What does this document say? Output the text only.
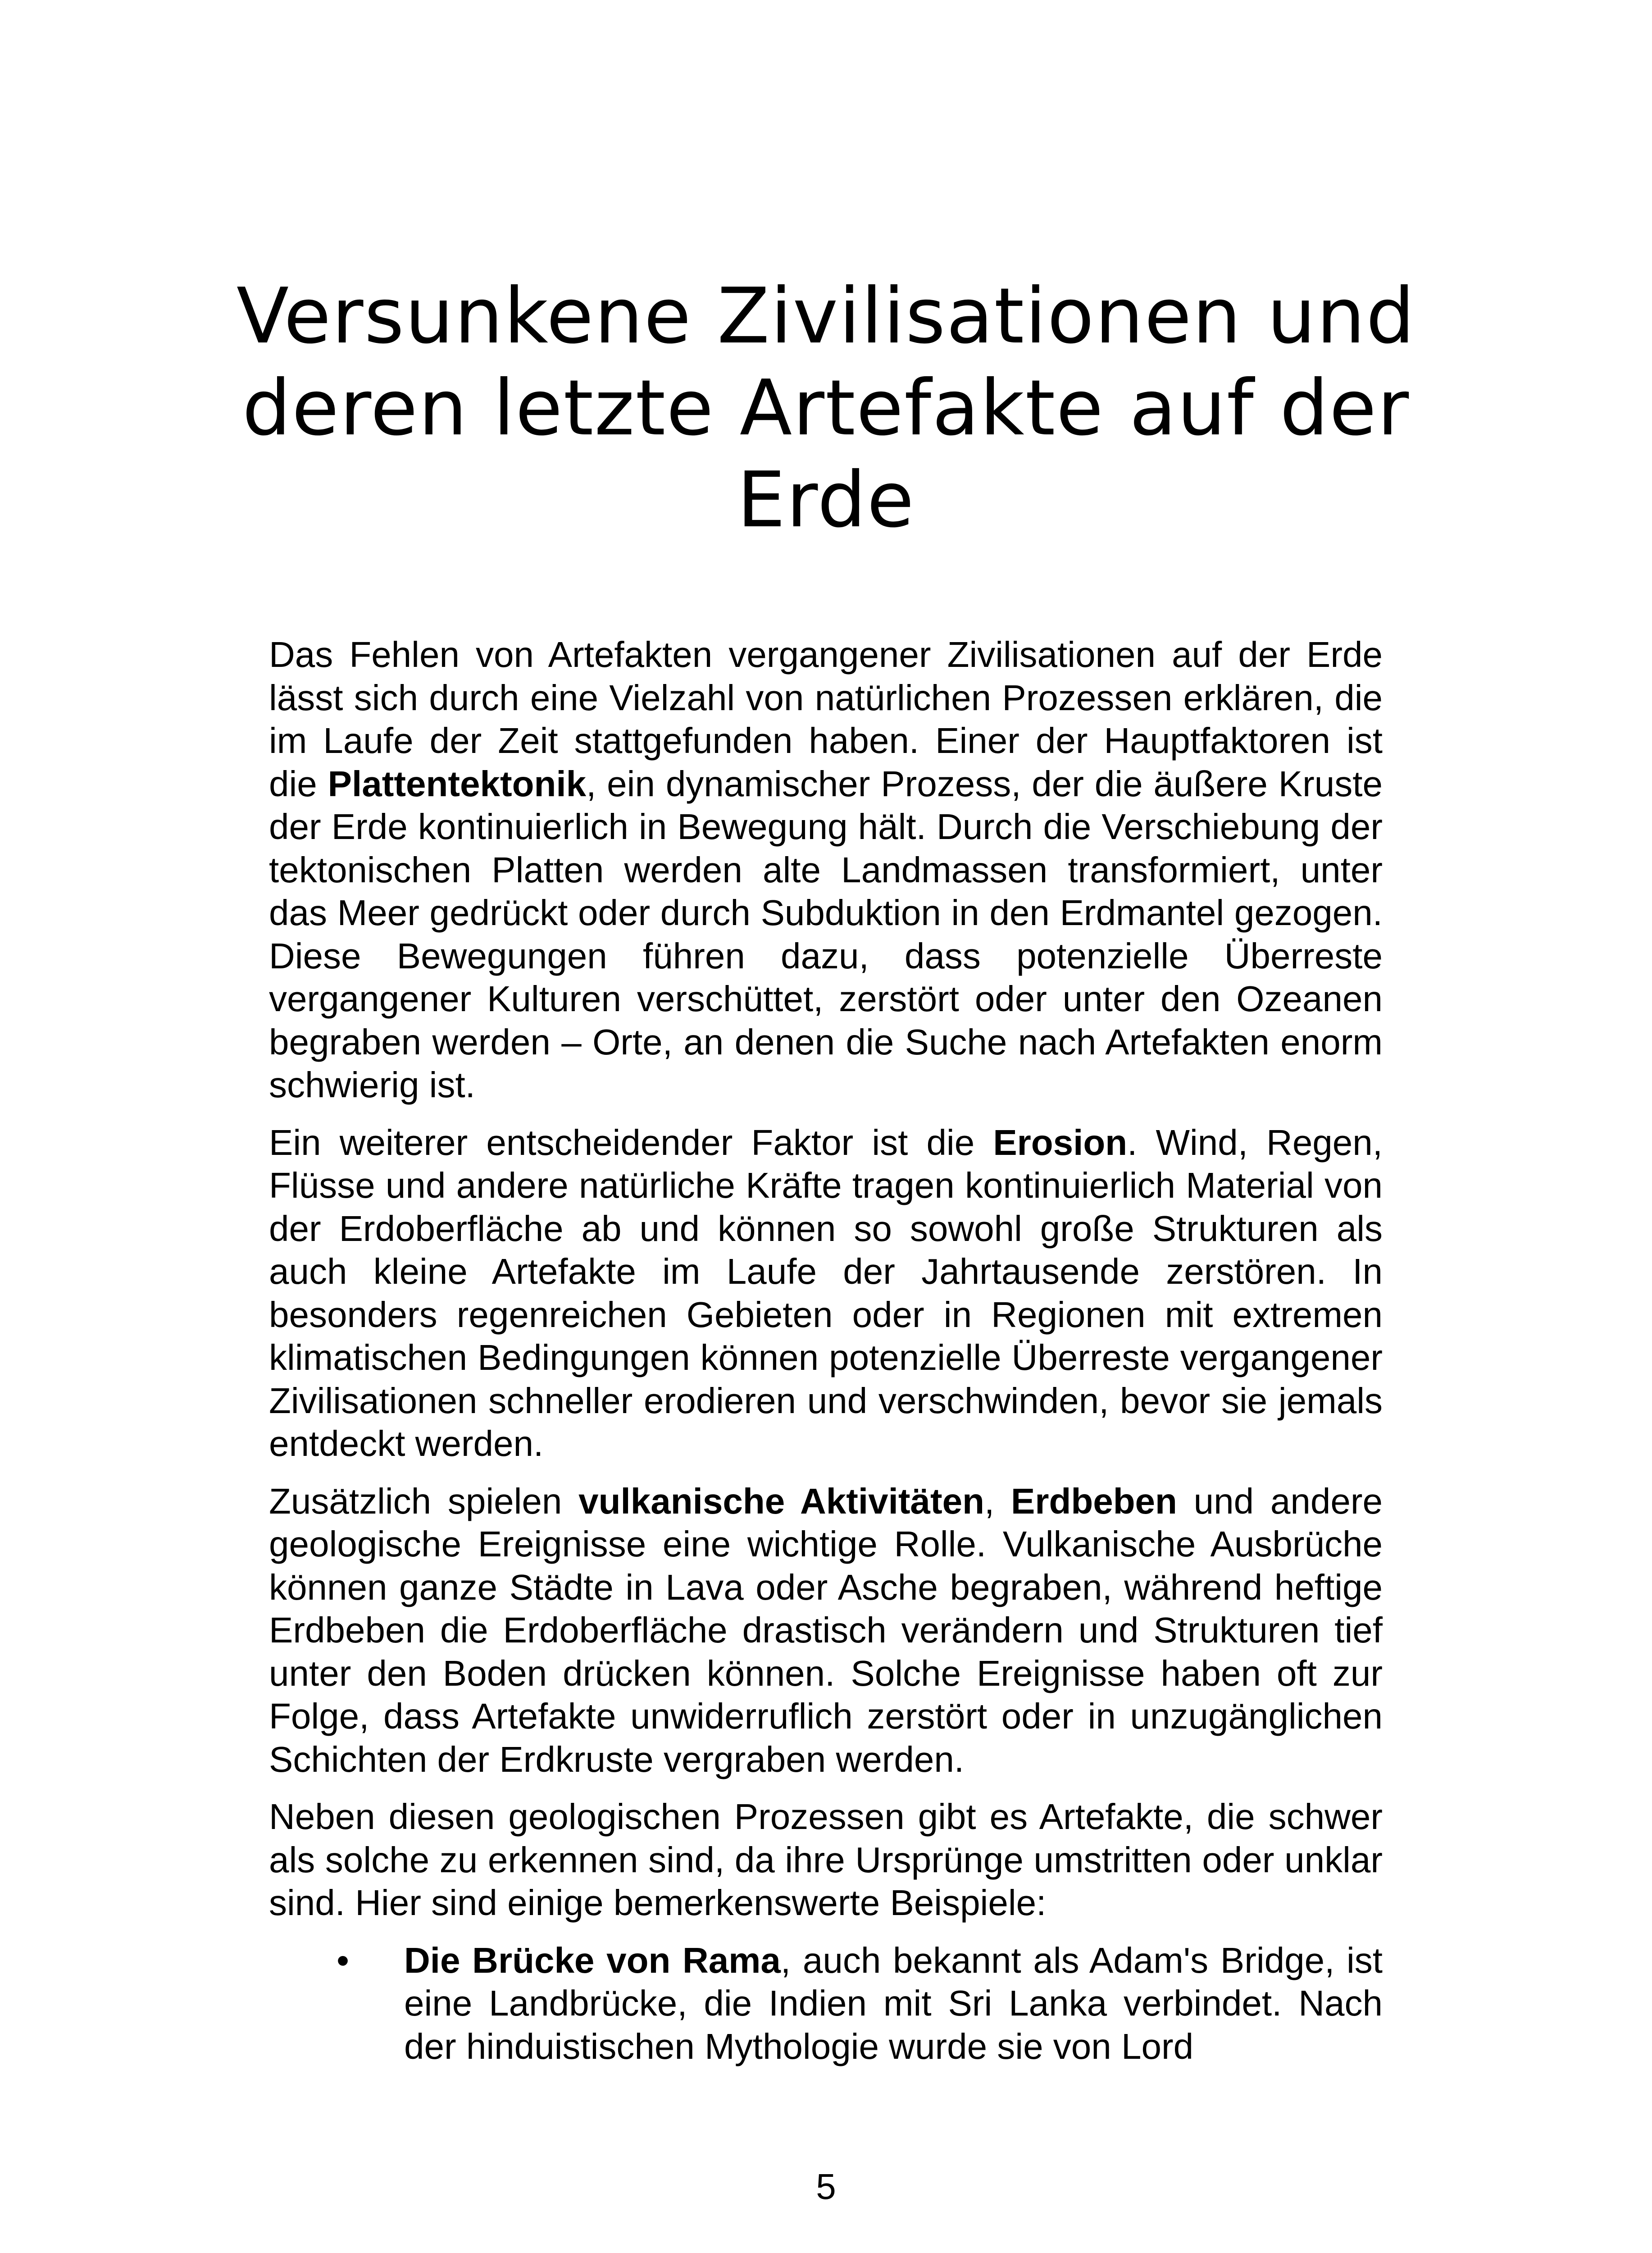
Versunkene Zivilisationen und deren letzte Artefakte auf der Erde

Das Fehlen von Artefakten vergangener Zivilisationen auf der Erde lässt sich durch eine Vielzahl von natürlichen Prozessen erklären, die im Laufe der Zeit stattgefunden haben. Einer der Hauptfaktoren ist die Plattentektonik, ein dynamischer Prozess, der die äußere Kruste der Erde kontinuierlich in Bewegung hält. Durch die Verschiebung der tektonischen Platten werden alte Landmassen transformiert, unter das Meer gedrückt oder durch Subduktion in den Erdmantel gezogen. Diese Bewegungen führen dazu, dass potenzielle Überreste vergangener Kulturen verschüttet, zerstört oder unter den Ozeanen begraben werden – Orte, an denen die Suche nach Artefakten enorm schwierig ist.

Ein weiterer entscheidender Faktor ist die Erosion. Wind, Regen, Flüsse und andere natürliche Kräfte tragen kontinuierlich Material von der Erdoberfläche ab und können so sowohl große Strukturen als auch kleine Artefakte im Laufe der Jahrtausende zerstören. In besonders regenreichen Gebieten oder in Regionen mit extremen klimatischen Bedingungen können potenzielle Überreste vergangener Zivilisationen schneller erodieren und verschwinden, bevor sie jemals entdeckt werden.

Zusätzlich spielen vulkanische Aktivitäten, Erdbeben und andere geologische Ereignisse eine wichtige Rolle. Vulkanische Ausbrüche können ganze Städte in Lava oder Asche begraben, während heftige Erdbeben die Erdoberfläche drastisch verändern und Strukturen tief unter den Boden drücken können. Solche Ereignisse haben oft zur Folge, dass Artefakte unwiderruflich zerstört oder in unzugänglichen Schichten der Erdkruste vergraben werden.

Neben diesen geologischen Prozessen gibt es Artefakte, die schwer als solche zu erkennen sind, da ihre Ursprünge umstritten oder unklar sind. Hier sind einige bemerkenswerte Beispiele:

• Die Brücke von Rama, auch bekannt als Adam's Bridge, ist eine Landbrücke, die Indien mit Sri Lanka verbindet. Nach der hinduistischen Mythologie wurde sie von Lord
5
